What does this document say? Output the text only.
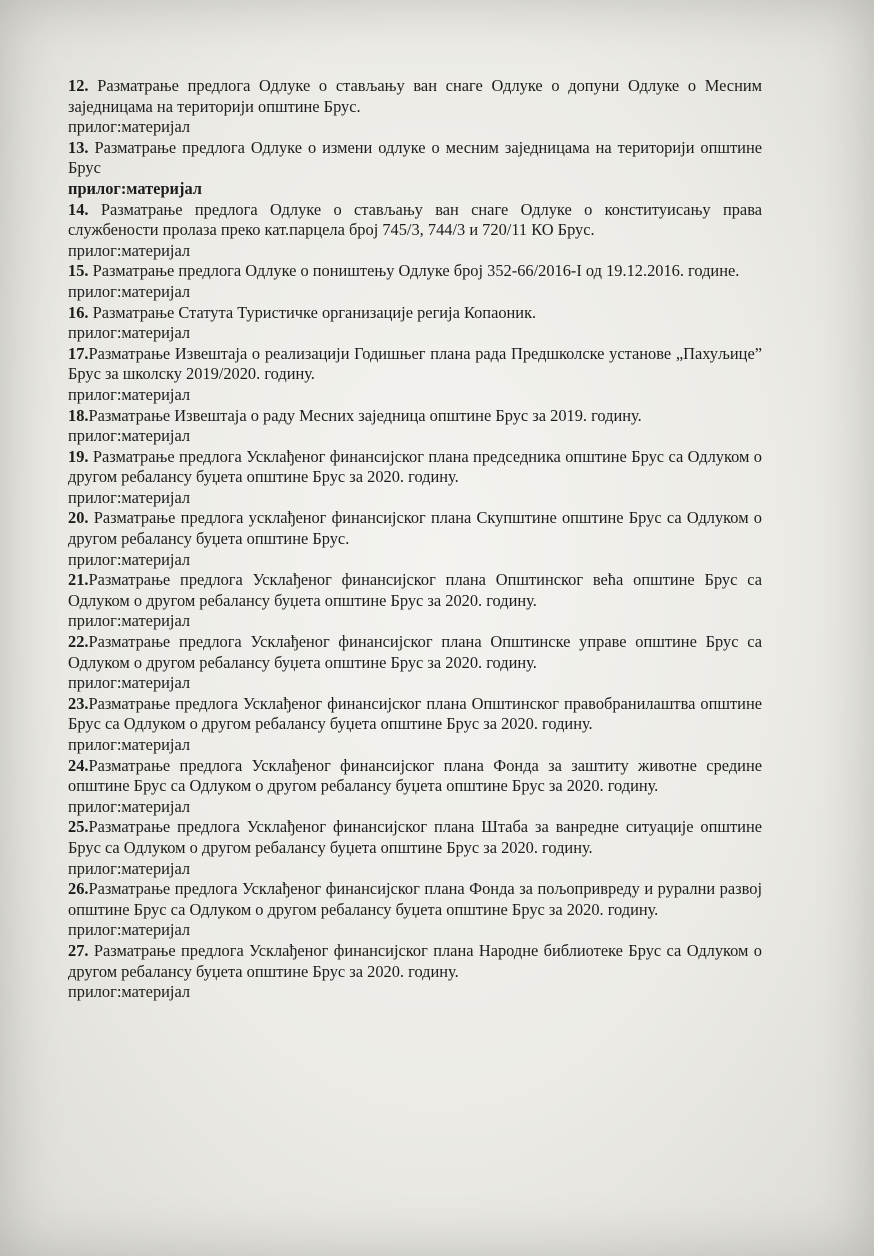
12. Разматрање предлога Одлуке о стављању ван снаге Одлуке о допуни Одлуке о Месним заједницама на територији општине Брус.

прилог:материјал

13. Разматрање предлога Одлуке о измени одлуке о месним заједницама на територији општине Брус

прилог:материјал

14. Разматрање предлога Одлуке о стављању ван снаге Одлуке о конституисању права службености пролаза преко кат.парцела број 745/3, 744/3 и 720/11 КО Брус.

прилог:материјал

15. Разматрање предлога Одлуке о поништењу Одлуке број 352-66/2016-I од 19.12.2016. године.

прилог:материјал

16. Разматрање Статута Туристичке организације регија Копаоник.

прилог:материјал

17.Разматрање Извештаја о реализацији Годишњег плана рада Предшколске установе „Пахуљице” Брус за школску 2019/2020. годину.

прилог:материјал

18.Разматрање Извештаја о раду Месних заједница општине Брус за 2019. годину.

прилог:материјал

19. Разматрање предлога Усклађеног финансијског плана председника општине Брус са Одлуком о другом ребалансу буџета општине Брус за 2020. годину.

прилог:материјал

20. Разматрање предлога усклађеног финансијског плана Скупштине општине Брус са Одлуком о другом ребалансу буџета општине Брус.

прилог:материјал

21.Разматрање предлога Усклађеног финансијског плана Општинског већа општине Брус са Одлуком о другом ребалансу буџета општине Брус за 2020. годину.

прилог:материјал

22.Разматрање предлога Усклађеног финансијског плана Општинске управе општине Брус са Одлуком о другом ребалансу буџета општине Брус за 2020. годину.

прилог:материјал

23.Разматрање предлога Усклађеног финансијског плана Општинског правобранилаштва општине Брус са Одлуком о другом ребалансу буџета општине Брус за 2020. годину.

прилог:материјал

24.Разматрање предлога Усклађеног финансијског плана Фонда за заштиту животне средине општине Брус са Одлуком о другом ребалансу буџета општине Брус за 2020. годину.

прилог:материјал

25.Разматрање предлога Усклађеног финансијског плана Штаба за ванредне ситуације општине Брус са Одлуком о другом ребалансу буџета општине Брус за 2020. годину.

прилог:материјал

26.Разматрање предлога Усклађеног финансијског плана Фонда за пољопривреду и рурални развој општине Брус са Одлуком о другом ребалансу буџета општине Брус за 2020. годину.

прилог:материјал

27. Разматрање предлога Усклађеног финансијског плана Народне библиотеке Брус са Одлуком о другом ребалансу буџета општине Брус за 2020. годину.

прилог:материјал
